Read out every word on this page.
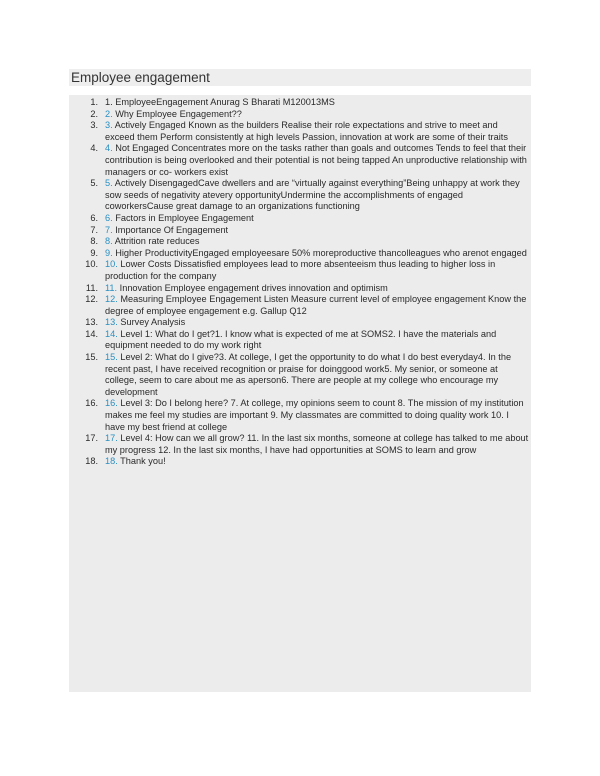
Employee engagement
1. 1. EmployeeEngagement Anurag S Bharati M120013MS
2. 2. Why Employee Engagement??
3. 3. Actively Engaged Known as the builders Realise their role expectations and strive to meet and exceed them Perform consistently at high levels Passion, innovation at work are some of their traits
4. 4. Not Engaged Concentrates more on the tasks rather than goals and outcomes Tends to feel that their contribution is being overlooked and their potential is not being tapped An unproductive relationship with managers or co- workers exist
5. 5. Actively DisengagedCave dwellers and are “virtually against everything”Being unhappy at work they sow seeds of negativity atevery opportunityUndermine the accomplishments of engaged coworkersCause great damage to an organizations functioning
6. 6. Factors in Employee Engagement
7. 7. Importance Of Engagement
8. 8. Attrition rate reduces
9. 9. Higher ProductivityEngaged employeesare 50% moreproductive thancolleagues who arenot engaged
10. 10. Lower Costs Dissatisfied employees lead to more absenteeism thus leading to higher loss in production for the company
11. 11. Innovation Employee engagement drives innovation and optimism
12. 12. Measuring Employee Engagement Listen Measure current level of employee engagement Know the degree of employee engagement e.g. Gallup Q12
13. 13. Survey Analysis
14. 14. Level 1: What do I get?1. I know what is expected of me at SOMS2. I have the materials and equipment needed to do my work right
15. 15. Level 2: What do I give?3. At college, I get the opportunity to do what I do best everyday4. In the recent past, I have received recognition or praise for doinggood work5. My senior, or someone at college, seem to care about me as aperson6. There are people at my college who encourage my development
16. 16. Level 3: Do I belong here? 7. At college, my opinions seem to count 8. The mission of my institution makes me feel my studies are important 9. My classmates are committed to doing quality work 10. I have my best friend at college
17. 17. Level 4: How can we all grow? 11. In the last six months, someone at college has talked to me about my progress 12. In the last six months, I have had opportunities at SOMS to learn and grow
18. 18. Thank you!
